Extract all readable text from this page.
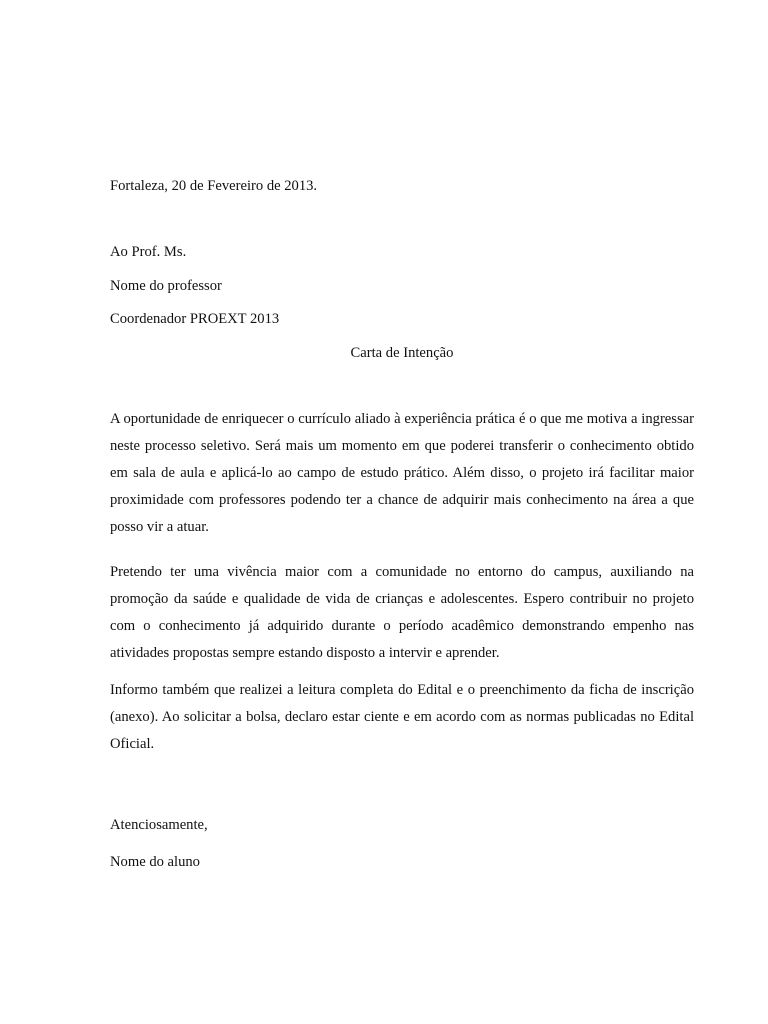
Fortaleza, 20 de Fevereiro de 2013.
Ao Prof. Ms.
Nome do professor
Coordenador PROEXT 2013
Carta de Intenção

A oportunidade de enriquecer o currículo aliado à experiência prática é o que me motiva a ingressar neste processo seletivo. Será mais um momento em que poderei transferir o conhecimento obtido em sala de aula e aplicá-lo ao campo de estudo prático. Além disso, o projeto irá facilitar maior proximidade com professores podendo ter a chance de adquirir mais conhecimento na área a que posso vir a atuar.

Pretendo ter uma vivência maior com a comunidade no entorno do campus, auxiliando na promoção da saúde e qualidade de vida de crianças e adolescentes. Espero contribuir no projeto com o conhecimento já adquirido durante o período acadêmico demonstrando empenho nas atividades propostas sempre estando disposto a intervir e aprender.

Informo também que realizei a leitura completa do Edital e o preenchimento da ficha de inscrição (anexo). Ao solicitar a bolsa, declaro estar ciente e em acordo com as normas publicadas no Edital Oficial.

Atenciosamente,
Nome do aluno
